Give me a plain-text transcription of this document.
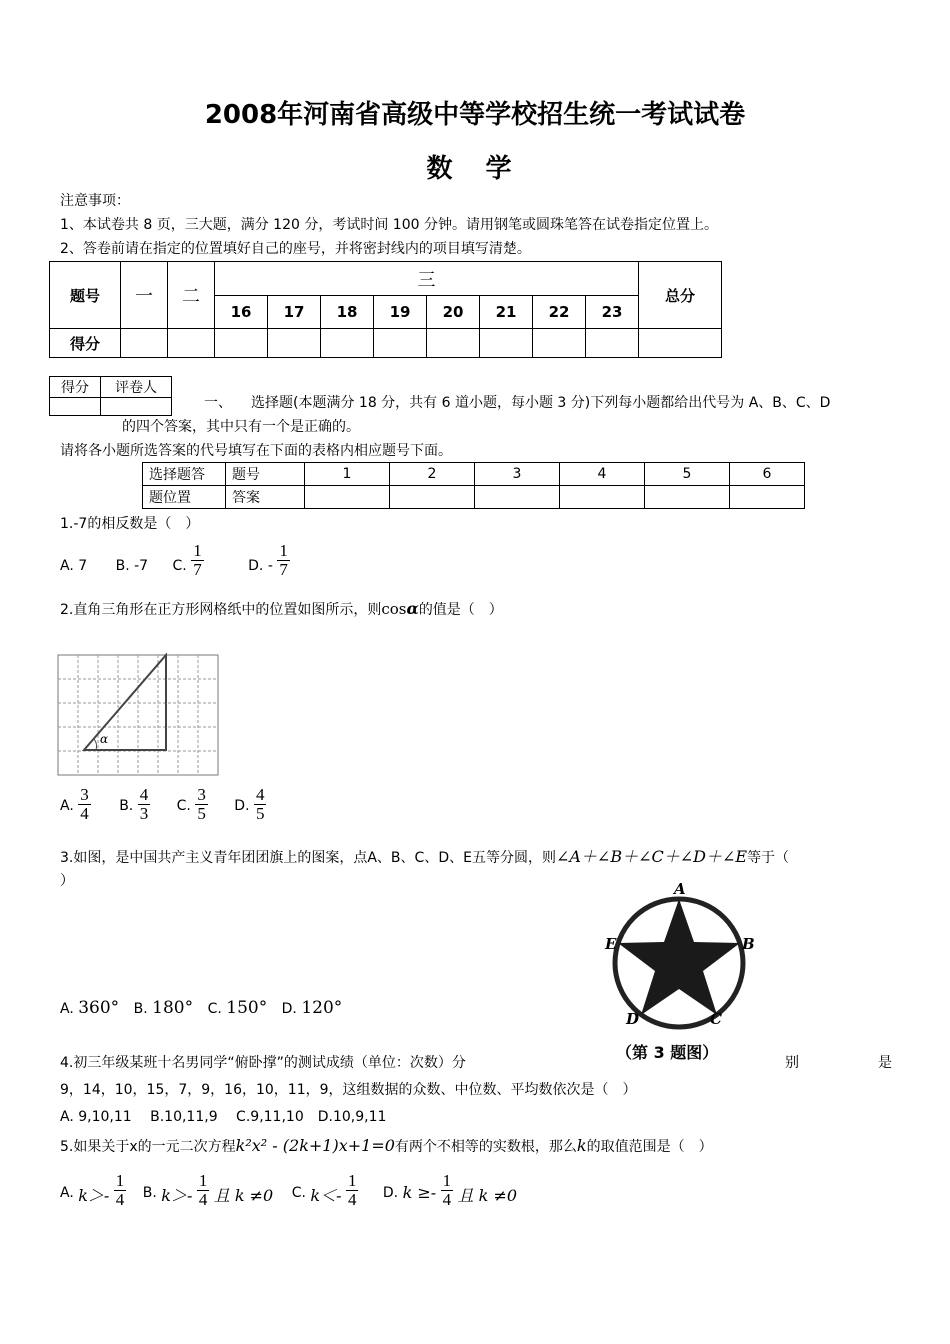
2008年河南省高级中等学校招生统一考试试卷
数 学
注意事项：
1、本试卷共 8 页，三大题，满分 120 分，考试时间 100 分钟。请用钢笔或圆珠笔答在试卷指定位置上。
2、答卷前请在指定的位置填好自己的座号，并将密封线内的项目填写清楚。
题号	一	二	三								总分
			16	17	18	19	20	21	22	23	
得分											
得分	评卷人

一、 选择题(本题满分 18 分，共有 6 道小题，每小题 3 分)下列每小题都给出代号为 A、B、C、D
的四个答案，其中只有一个是正确的。
请将各小题所选答案的代号填写在下面的表格内相应题号下面。
选择题答	题号	1	2	3	4	5	6
题位置	答案						
1.-7的相反数是（　）
A. 7 B. -7 C. $\frac{1}{7}$	D. - $\frac{1}{7}$
2.直角三角形在正方形网格纸中的位置如图所示，则cosα的值是（　）
α
A. $\frac{3}{4} B$. $\frac{4}{3} C$. $\frac{3}{5} D$. $\frac{4}{5}$
3.如图，是中国共产主义青年团团旗上的图案，点A、B、C、D、E五等分圆，则∠A＋∠B＋∠C＋∠D＋∠E等于（
）
A. 360° B. 180° C. 150° D. 120°
A
B
C
D
E
（第 3 题图）
4.初三年级某班十名男同学“俯卧撑”的测试成绩（单位：次数）分	别	是
9，14，10，15，7，9，16，10，11，9，这组数据的众数、中位数、平均数依次是（　）
A. 9,10,11　 B.10,11,9　 C.9,11,10　D.10,9,11
5.如果关于x的一元二次方程k²x² - (2k+1)x+1=0有两个不相等的实数根，那么k的取值范围是（　）
A. $k>- \frac{1}{4} B$. $k>- \frac{1}{4}$ 且 k ≠0 C. $k<- \frac{1}{4} D$. $k \ge- \frac{1}{4}$ 且 k ≠0
